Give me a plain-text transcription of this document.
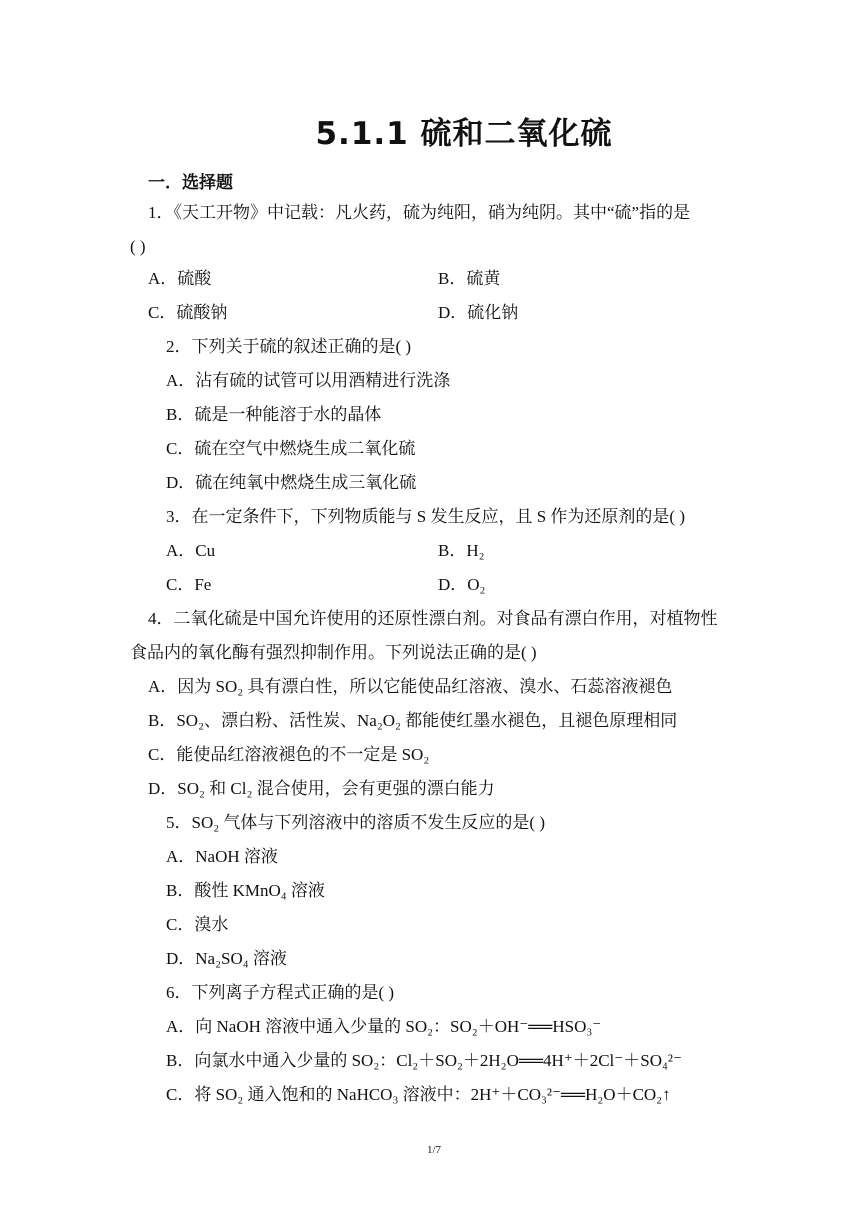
5.1.1 硫和二氧化硫
一．选择题
1．《天工开物》中记载：凡火药，硫为纯阳，硝为纯阴。其中“硫”指的是
( )
A．硫酸	B．硫黄
C．硫酸钠	D．硫化钠
2．下列关于硫的叙述正确的是( )
A．沾有硫的试管可以用酒精进行洗涤
B．硫是一种能溶于水的晶体
C．硫在空气中燃烧生成二氧化硫
D．硫在纯氧中燃烧生成三氧化硫
3．在一定条件下，下列物质能与 S 发生反应，且 S 作为还原剂的是( )
A．Cu	B．H₂
C．Fe	D．O₂
4．二氧化硫是中国允许使用的还原性漂白剂。对食品有漂白作用，对植物性
食品内的氧化酶有强烈抑制作用。下列说法正确的是( )
A．因为 SO₂ 具有漂白性，所以它能使品红溶液、溴水、石蕊溶液褪色
B．SO₂、漂白粉、活性炭、Na₂O₂ 都能使红墨水褪色，且褪色原理相同
C．能使品红溶液褪色的不一定是 SO₂
D．SO₂ 和 Cl₂ 混合使用，会有更强的漂白能力
5．SO₂ 气体与下列溶液中的溶质不发生反应的是( )
A．NaOH 溶液
B．酸性 KMnO₄ 溶液
C．溴水
D．Na₂SO₄ 溶液
6．下列离子方程式正确的是( )
A．向 NaOH 溶液中通入少量的 SO₂：SO₂＋OH⁻══HSO₃⁻
B．向氯水中通入少量的 SO₂：Cl₂＋SO₂＋2H₂O══4H⁺＋2Cl⁻＋SO₄²⁻
C．将 SO₂ 通入饱和的 NaHCO₃ 溶液中：2H⁺＋CO₃²⁻══H₂O＋CO₂↑
1/7
